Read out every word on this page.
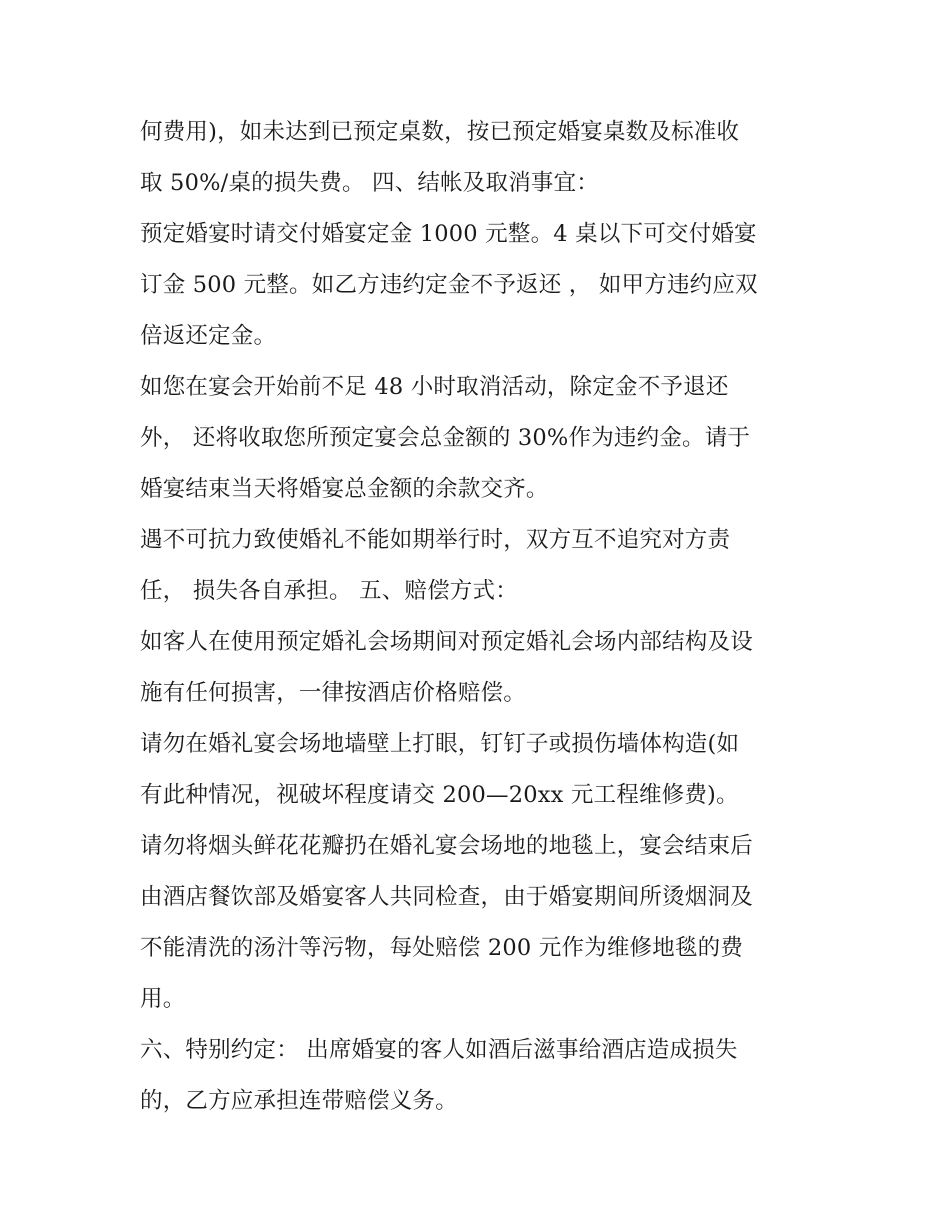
何费用)，如未达到已预定桌数，按已预定婚宴桌数及标准收
取 50%/桌的损失费。 四、结帐及取消事宜：
预定婚宴时请交付婚宴定金 1000 元整。4 桌以下可交付婚宴
订金 500 元整。如乙方违约定金不予返还 ， 如甲方违约应双
倍返还定金。
如您在宴会开始前不足 48 小时取消活动，除定金不予退还
外， 还将收取您所预定宴会总金额的 30%作为违约金。请于
婚宴结束当天将婚宴总金额的余款交齐。
遇不可抗力致使婚礼不能如期举行时，双方互不追究对方责
任， 损失各自承担。 五、赔偿方式：
如客人在使用预定婚礼会场期间对预定婚礼会场内部结构及设
施有任何损害，一律按酒店价格赔偿。
请勿在婚礼宴会场地墙壁上打眼，钉钉子或损伤墙体构造(如
有此种情况，视破坏程度请交 200—20xx 元工程维修费)。
请勿将烟头鲜花花瓣扔在婚礼宴会场地的地毯上，宴会结束后
由酒店餐饮部及婚宴客人共同检查，由于婚宴期间所烫烟洞及
不能清洗的汤汁等污物，每处赔偿 200 元作为维修地毯的费
用。
六、特别约定： 出席婚宴的客人如酒后滋事给酒店造成损失
的，乙方应承担连带赔偿义务。
